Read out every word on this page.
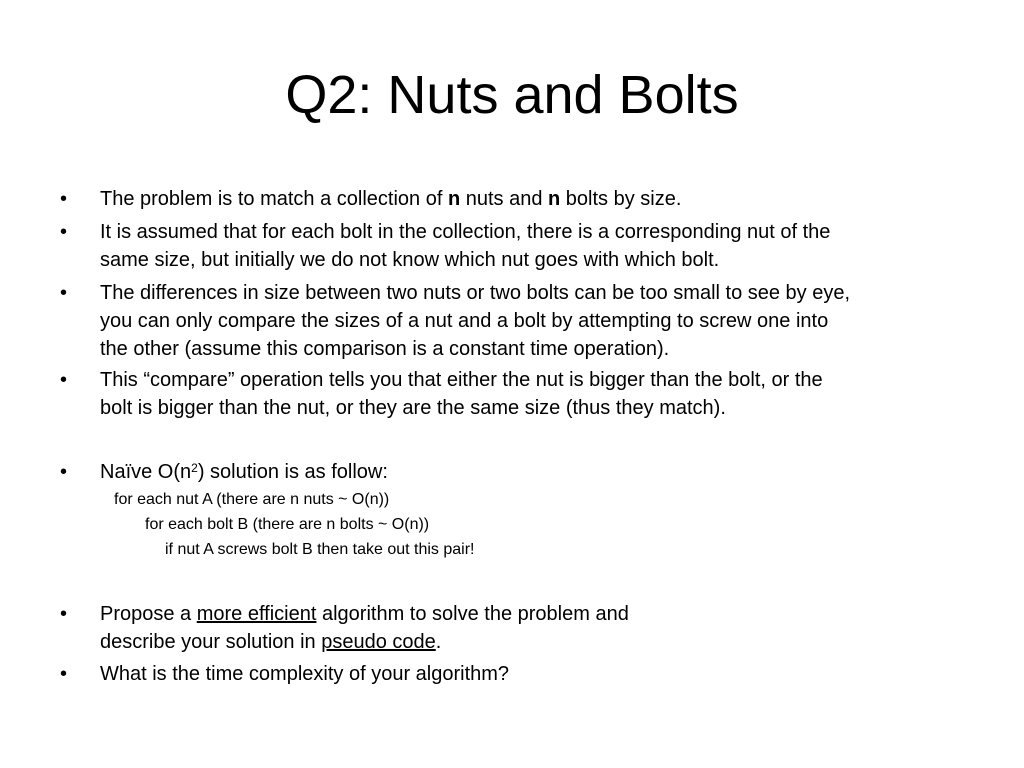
Q2: Nuts and Bolts
• The problem is to match a collection of n nuts and n bolts by size.
• It is assumed that for each bolt in the collection, there is a corresponding nut of the
same size, but initially we do not know which nut goes with which bolt.
• The differences in size between two nuts or two bolts can be too small to see by eye,
you can only compare the sizes of a nut and a bolt by attempting to screw one into
the other (assume this comparison is a constant time operation).
• This “compare” operation tells you that either the nut is bigger than the bolt, or the
bolt is bigger than the nut, or they are the same size (thus they match).
• Naïve $O(n^2)$ solution is as follow:
for each nut A (there are n nuts ~ O(n))
for each bolt B (there are n bolts ~ O(n))
if nut A screws bolt B then take out this pair!
• Propose a more efficient algorithm to solve the problem and
describe your solution in pseudo code.
• What is the time complexity of your algorithm?
